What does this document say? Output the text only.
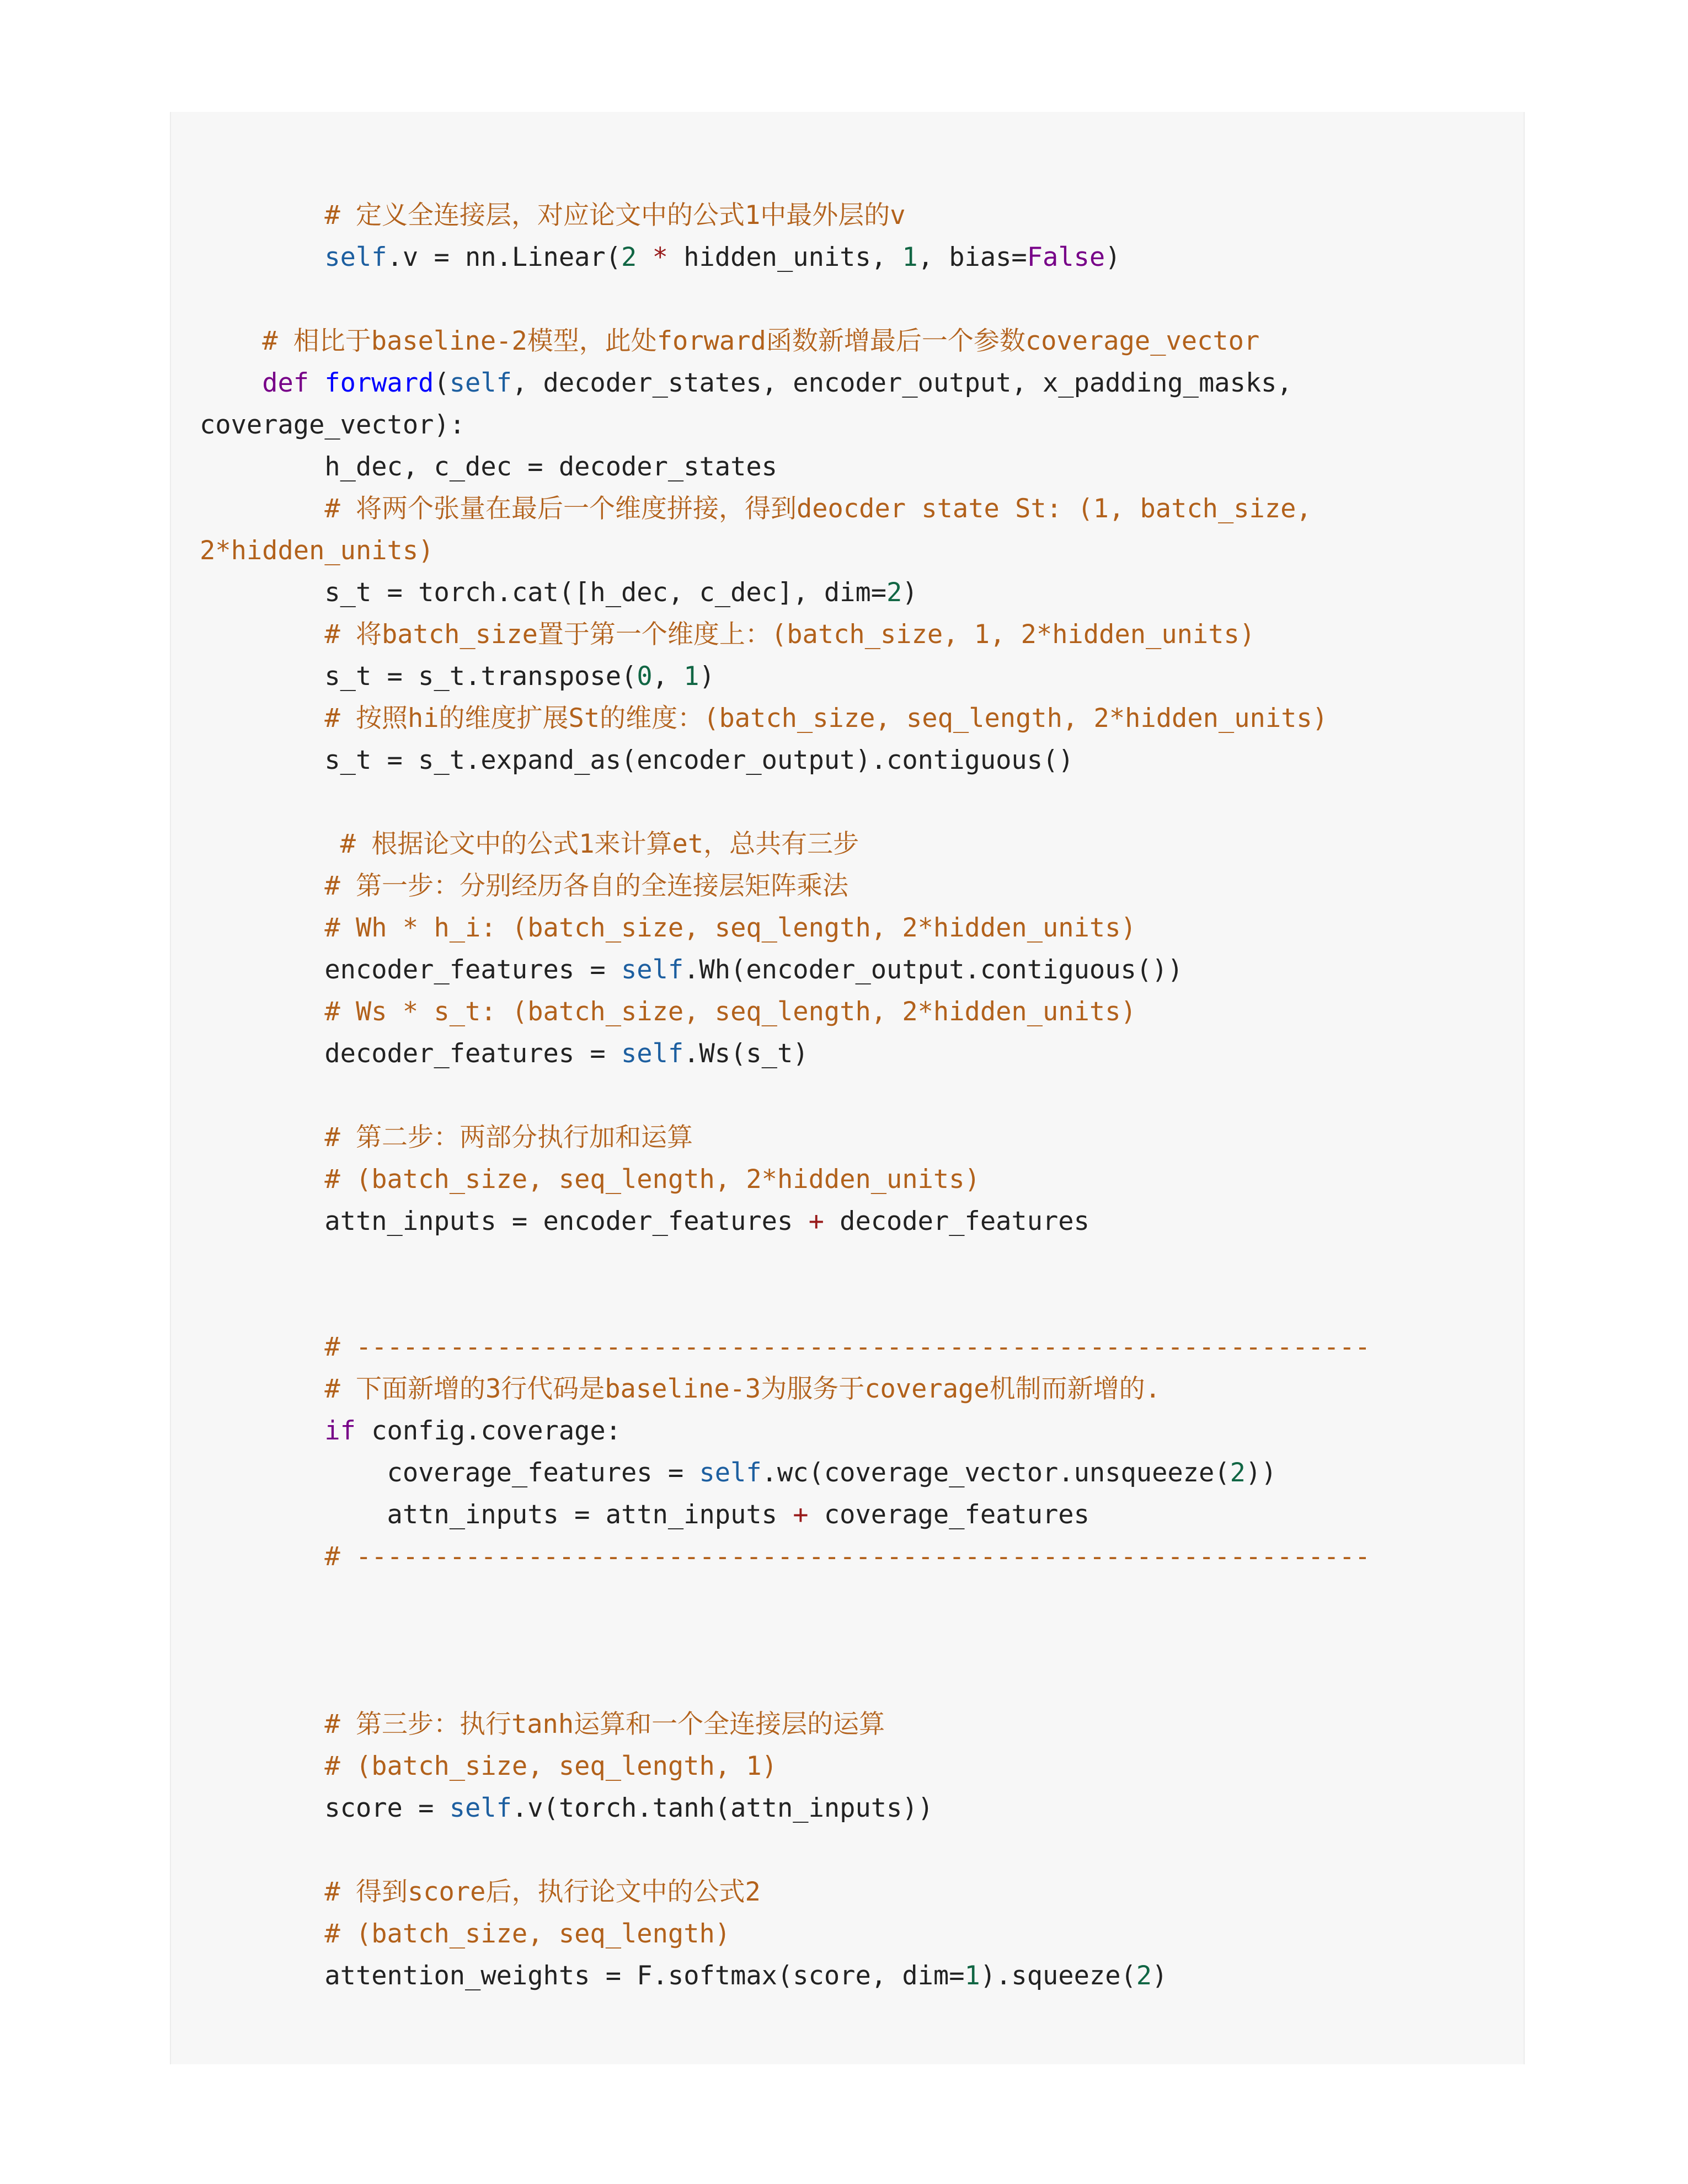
# 定义全连接层，对应论文中的公式1中最外层的v
self.v = nn.Linear(2 * hidden_units, 1, bias=False)
# 相比于baseline-2模型，此处forward函数新增最后一个参数coverage_vector
def forward(self, decoder_states, encoder_output, x_padding_masks,
coverage_vector):
h_dec, c_dec = decoder_states
# 将两个张量在最后一个维度拼接，得到deocder state St: (1, batch_size,
2*hidden_units)
s_t = torch.cat([h_dec, c_dec], dim=2)
# 将batch_size置于第一个维度上：(batch_size, 1, 2*hidden_units)
s_t = s_t.transpose(0, 1)
# 按照hi的维度扩展St的维度：(batch_size, seq_length, 2*hidden_units)
s_t = s_t.expand_as(encoder_output).contiguous()
# 根据论文中的公式1来计算et，总共有三步
# 第一步：分别经历各自的全连接层矩阵乘法
# Wh * h_i: (batch_size, seq_length, 2*hidden_units)
encoder_features = self.Wh(encoder_output.contiguous())
# Ws * s_t: (batch_size, seq_length, 2*hidden_units)
decoder_features = self.Ws(s_t)
# 第二步：两部分执行加和运算
# (batch_size, seq_length, 2*hidden_units)
attn_inputs = encoder_features + decoder_features
# -----------------------------------------------------------------
# 下面新增的3行代码是baseline-3为服务于coverage机制而新增的.
if config.coverage:
coverage_features = self.wc(coverage_vector.unsqueeze(2))
attn_inputs = attn_inputs + coverage_features
# -----------------------------------------------------------------
# 第三步：执行tanh运算和一个全连接层的运算
# (batch_size, seq_length, 1)
score = self.v(torch.tanh(attn_inputs))
# 得到score后，执行论文中的公式2
# (batch_size, seq_length)
attention_weights = F.softmax(score, dim=1).squeeze(2)
